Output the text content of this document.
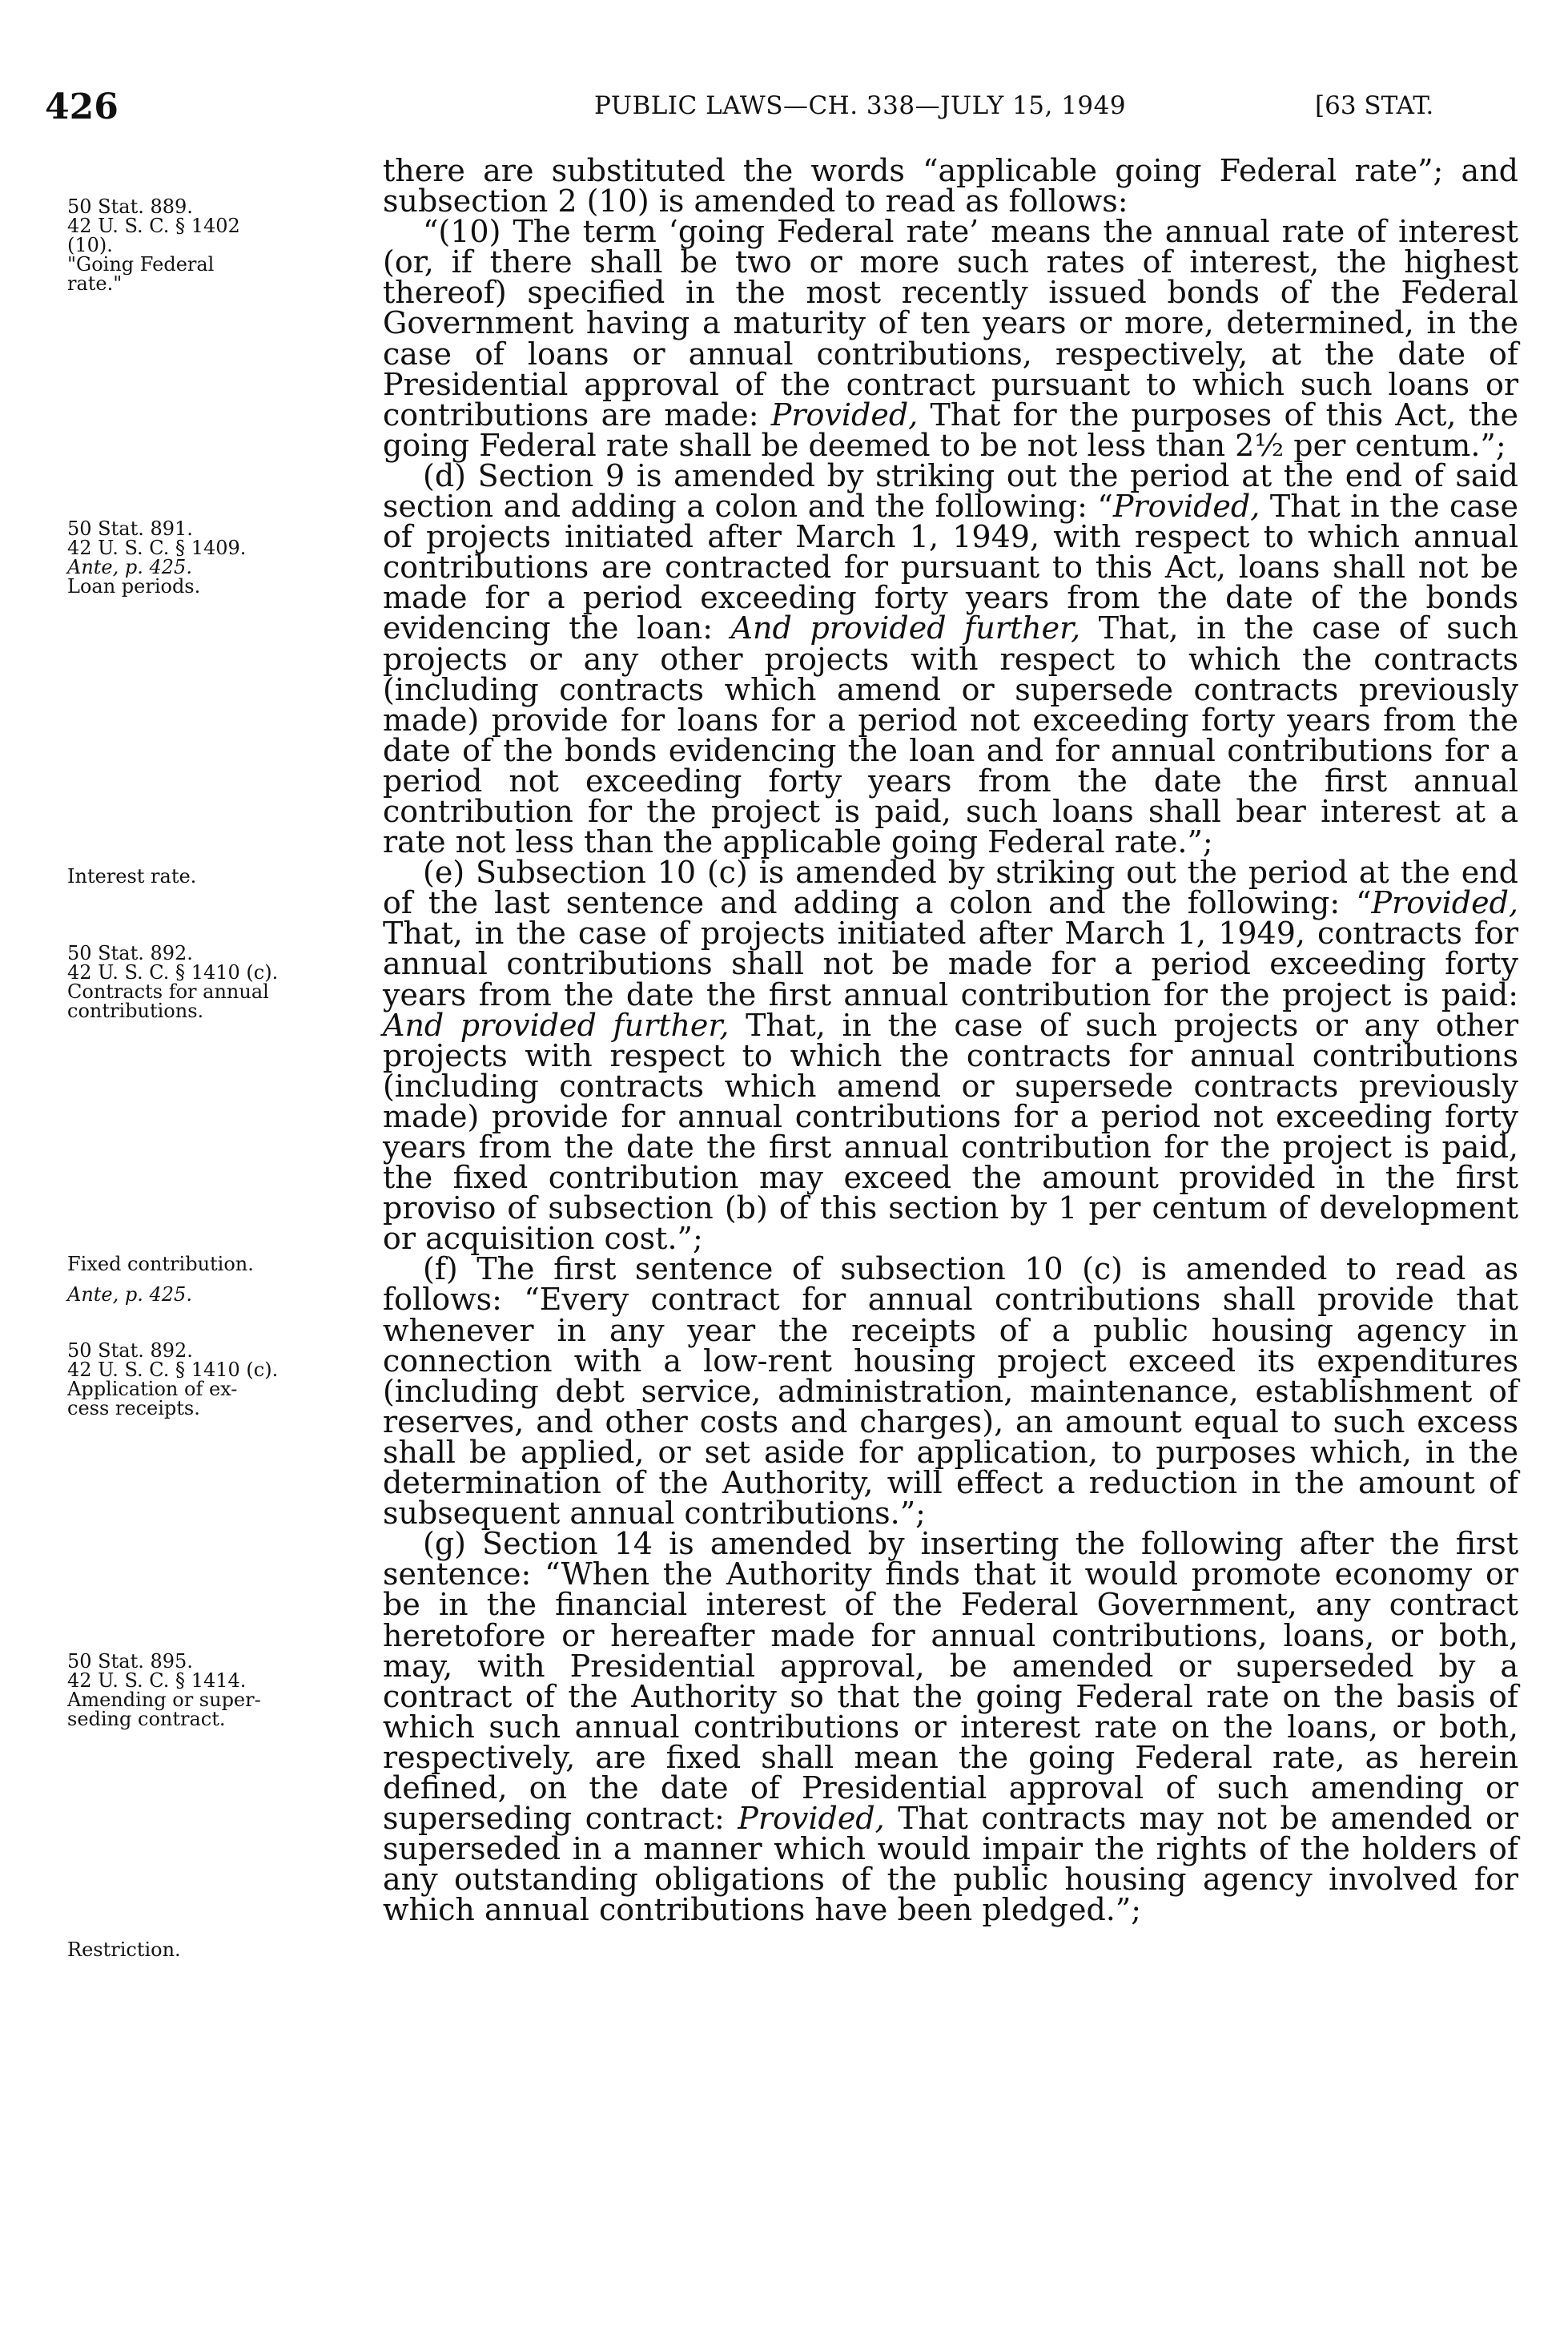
426	PUBLIC LAWS—CH. 338—JULY 15, 1949	[63 STAT.
50 Stat. 889.
42 U. S. C. § 1402
(10).
"Going Federal
rate."
50 Stat. 891.
42 U. S. C. § 1409.
Ante, p. 425.
Loan periods.
Interest rate.
50 Stat. 892.
42 U. S. C. § 1410 (c).
Contracts for annual
contributions.
Fixed contribution.
Ante, p. 425.
50 Stat. 892.
42 U. S. C. § 1410 (c).
Application of ex-
cess receipts.
50 Stat. 895.
42 U. S. C. § 1414.
Amending or super-
seding contract.
Restriction.

there are substituted the words “applicable going Federal rate”; and subsection 2 (10) is amended to read as follows:

“(10) The term ‘going Federal rate’ means the annual rate of interest (or, if there shall be two or more such rates of interest, the highest thereof) specified in the most recently issued bonds of the Federal Government having a maturity of ten years or more, determined, in the case of loans or annual contributions, respectively, at the date of Presidential approval of the contract pursuant to which such loans or contributions are made: Provided, That for the purposes of this Act, the going Federal rate shall be deemed to be not less than 2½ per centum.”;

(d) Section 9 is amended by striking out the period at the end of said section and adding a colon and the following: “Provided, That in the case of projects initiated after March 1, 1949, with respect to which annual contributions are contracted for pursuant to this Act, loans shall not be made for a period exceeding forty years from the date of the bonds evidencing the loan: And provided further, That, in the case of such projects or any other projects with respect to which the contracts (including contracts which amend or supersede contracts previously made) provide for loans for a period not exceeding forty years from the date of the bonds evidencing the loan and for annual contributions for a period not exceeding forty years from the date the first annual contribution for the project is paid, such loans shall bear interest at a rate not less than the applicable going Federal rate.”;

(e) Subsection 10 (c) is amended by striking out the period at the end of the last sentence and adding a colon and the following: “Provided, That, in the case of projects initiated after March 1, 1949, contracts for annual contributions shall not be made for a period exceeding forty years from the date the first annual contribution for the project is paid: And provided further, That, in the case of such projects or any other projects with respect to which the contracts for annual contributions (including contracts which amend or supersede contracts previously made) provide for annual contributions for a period not exceeding forty years from the date the first annual contribution for the project is paid, the fixed contribution may exceed the amount provided in the first proviso of subsection (b) of this section by 1 per centum of development or acquisition cost.”;

(f) The first sentence of subsection 10 (c) is amended to read as follows: “Every contract for annual contributions shall provide that whenever in any year the receipts of a public housing agency in connection with a low-rent housing project exceed its expenditures (including debt service, administration, maintenance, establishment of reserves, and other costs and charges), an amount equal to such excess shall be applied, or set aside for application, to purposes which, in the determination of the Authority, will effect a reduction in the amount of subsequent annual contributions.”;

(g) Section 14 is amended by inserting the following after the first sentence: “When the Authority finds that it would promote economy or be in the financial interest of the Federal Government, any contract heretofore or hereafter made for annual contributions, loans, or both, may, with Presidential approval, be amended or superseded by a contract of the Authority so that the going Federal rate on the basis of which such annual contributions or interest rate on the loans, or both, respectively, are fixed shall mean the going Federal rate, as herein defined, on the date of Presidential approval of such amending or superseding contract: Provided, That contracts may not be amended or superseded in a manner which would impair the rights of the holders of any outstanding obligations of the public housing agency involved for which annual contributions have been pledged.”;
